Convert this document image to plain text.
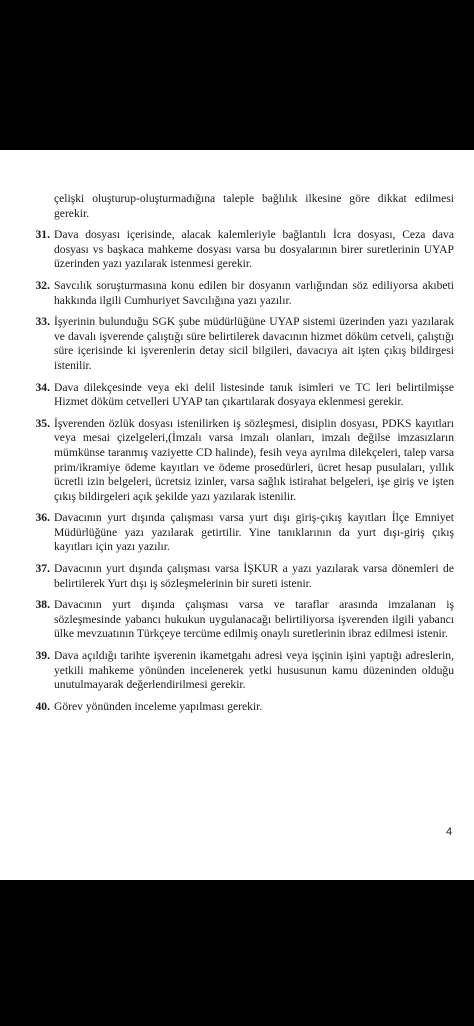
çelişki oluşturup-oluşturmadığına taleple bağlılık ilkesine göre dikkat edilmesi gerekir.

31. Dava dosyası içerisinde, alacak kalemleriyle bağlantılı İcra dosyası, Ceza dava dosyası vs başkaca mahkeme dosyası varsa bu dosyalarının birer suretlerinin UYAP üzerinden yazı yazılarak istenmesi gerekir.

32. Savcılık soruşturmasına konu edilen bir dosyanın varlığından söz ediliyorsa akıbeti hakkında ilgili Cumhuriyet Savcılığına yazı yazılır.

33. İşyerinin bulunduğu SGK şube müdürlüğüne UYAP sistemi üzerinden yazı yazılarak ve davalı işverende çalıştığı süre belirtilerek davacının hizmet döküm cetveli, çalıştığı süre içerisinde ki işverenlerin detay sicil bilgileri, davacıya ait işten çıkış bildirgesi istenilir.

34. Dava dilekçesinde veya eki delil listesinde tanık isimleri ve TC leri belirtilmişse Hizmet döküm cetvelleri UYAP tan çıkartılarak dosyaya eklenmesi gerekir.

35. İşverenden özlük dosyası istenilirken iş sözleşmesi, disiplin dosyası, PDKS kayıtları veya mesai çizelgeleri,(İmzalı varsa imzalı olanları, imzalı değilse imzasızların mümkünse taranmış vaziyette CD halinde), fesih veya ayrılma dilekçeleri, talep varsa prim/ikramiye ödeme kayıtları ve ödeme prosedürleri, ücret hesap pusulaları, yıllık ücretli izin belgeleri, ücretsiz izinler, varsa sağlık istirahat belgeleri, işe giriş ve işten çıkış bildirgeleri açık şekilde yazı yazılarak istenilir.

36. Davacının yurt dışında çalışması varsa yurt dışı giriş-çıkış kayıtları İlçe Emniyet Müdürlüğüne yazı yazılarak getirtilir. Yine tanıklarının da yurt dışı-giriş çıkış kayıtları için yazı yazılır.

37. Davacının yurt dışında çalışması varsa İŞKUR a yazı yazılarak varsa dönemleri de belirtilerek Yurt dışı iş sözleşmelerinin bir sureti istenir.

38. Davacının yurt dışında çalışması varsa ve taraflar arasında imzalanan iş sözleşmesinde yabancı hukukun uygulanacağı belirtiliyorsa işverenden ilgili yabancı ülke mevzuatının Türkçeye tercüme edilmiş onaylı suretlerinin ibraz edilmesi istenir.

39. Dava açıldığı tarihte işverenin ikametgahı adresi veya işçinin işini yaptığı adreslerin, yetkili mahkeme yönünden incelenerek yetki hususunun kamu düzeninden olduğu unutulmayarak değerlendirilmesi gerekir.

40. Görev yönünden inceleme yapılması gerekir.

4
